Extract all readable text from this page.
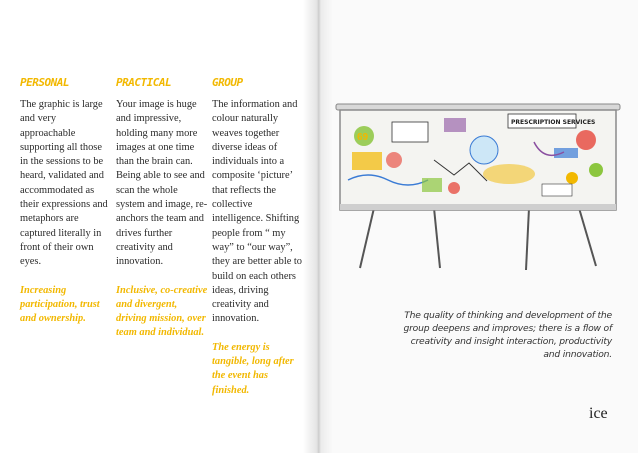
PERSONAL

The graphic is large and very approachable supporting all those in the sessions to be heard, validated and accommodated as their expressions and metaphors are captured literally in front of their own eyes.

Increasing participation, trust and ownership.

PRACTICAL

Your image is huge and impressive, holding many more images at one time than the brain can. Being able to see and scan the whole system and image, re-anchors the team and drives further creativity and innovation.

Inclusive, co-creative and divergent, driving mission, over team and individual.

GROUP

The information and colour naturally weaves together diverse ideas of individuals into a composite ‘picture’ that reflects the collective intelligence. Shifting people from “ my way” to “our way”, they are better able to build on each others ideas, driving creativity and innovation.

The energy is tangible, long after the event has finished.

69
PRESCRIPTION SERVICES
The quality of thinking and development of the group deepens and improves; there is a flow of creativity and insight interaction, productivity and innovation.
ice
